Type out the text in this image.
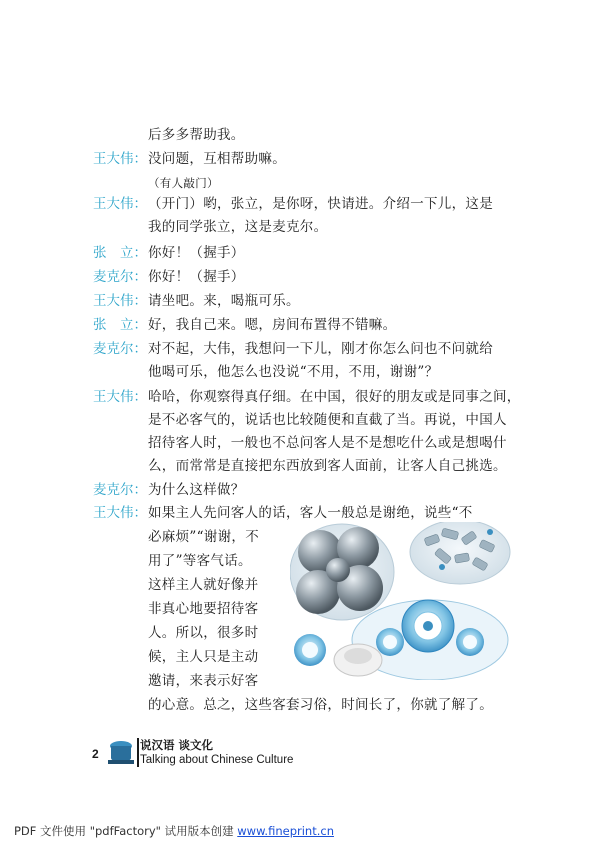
后多多帮助我。
王大伟： 没问题，互相帮助嘛。
（有人敲门）
王大伟： （开门）哟，张立，是你呀，快请进。介绍一下儿，这是
我的同学张立，这是麦克尔。
张　立： 你好！（握手）
麦克尔： 你好！（握手）
王大伟： 请坐吧。来，喝瓶可乐。
张　立： 好，我自己来。嗯，房间布置得不错嘛。
麦克尔： 对不起，大伟，我想问一下儿，刚才你怎么问也不问就给
他喝可乐，他怎么也没说“不用，不用，谢谢”？
王大伟： 哈哈，你观察得真仔细。在中国，很好的朋友或是同事之间，
是不必客气的，说话也比较随便和直截了当。再说，中国人
招待客人时，一般也不总问客人是不是想吃什么或是想喝什
么，而常常是直接把东西放到客人面前，让客人自己挑选。
麦克尔： 为什么这样做？
王大伟： 如果主人先问客人的话，客人一般总是谢绝，说些“不
必麻烦”“谢谢，不
用了”等客气话。
这样主人就好像并
非真心地要招待客
人。所以，很多时
候，主人只是主动
邀请，来表示好客
的心意。总之，这些客套习俗，时间长了，你就了解了。
2
说汉语 谈文化
Talking about Chinese Culture
PDF 文件使用 "pdfFactory" 试用版本创建 www.fineprint.cn
